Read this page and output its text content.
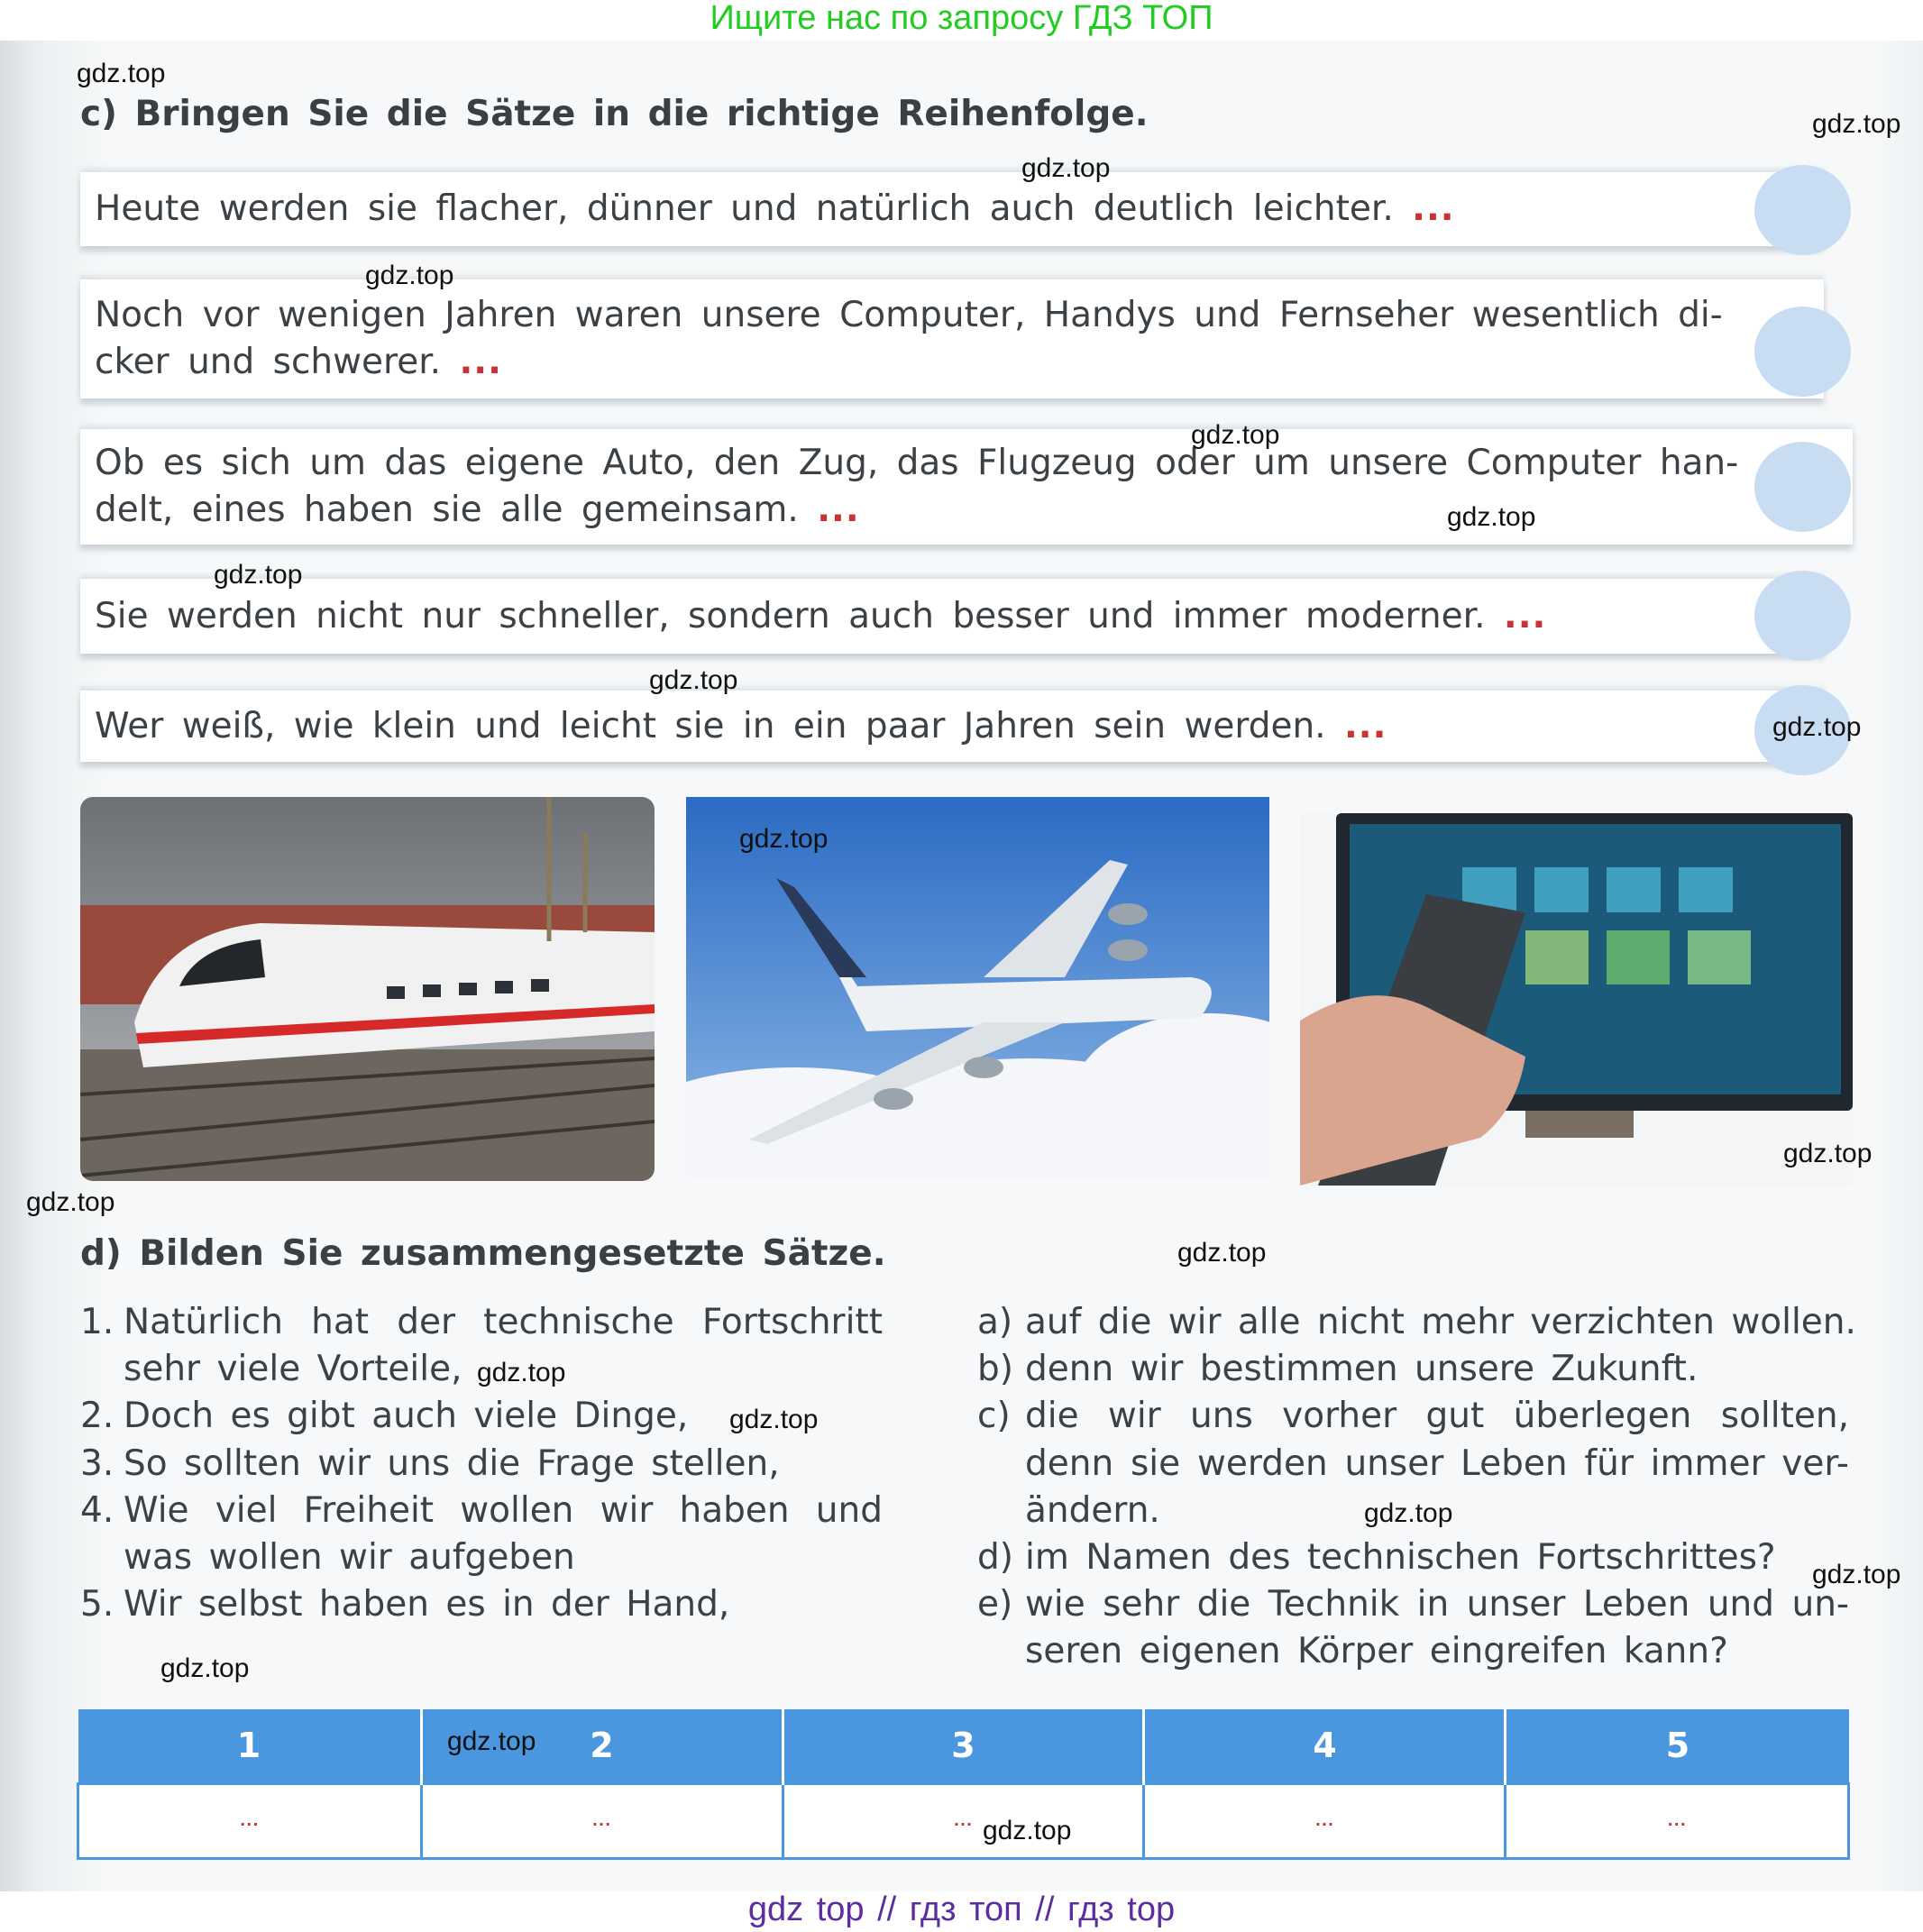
Ищите нас по запросу ГДЗ ТОП
c) Bringen Sie die Sätze in die richtige Reihenfolge.
Heute werden sie flacher, dünner und natürlich auch deutlich leichter. ...
Noch vor wenigen Jahren waren unsere Computer, Handys und Fernseher wesentlich di-
cker und schwerer. ...
Ob es sich um das eigene Auto, den Zug, das Flugzeug oder um unsere Computer han-
delt, eines haben sie alle gemeinsam. ...
Sie werden nicht nur schneller, sondern auch besser und immer moderner. ...
Wer weiß, wie klein und leicht sie in ein paar Jahren sein werden. ...
d) Bilden Sie zusammengesetzte Sätze.
1. Natürlich hat der technische Fortschritt
sehr viele Vorteile,
2. Doch es gibt auch viele Dinge,
3. So sollten wir uns die Frage stellen,
4. Wie viel Freiheit wollen wir haben und
was wollen wir aufgeben
5. Wir selbst haben es in der Hand,
a) auf die wir alle nicht mehr verzichten wollen.
b) denn wir bestimmen unsere Zukunft.
c) die wir uns vorher gut überlegen sollten,
denn sie werden unser Leben für immer ver-
ändern.
d) im Namen des technischen Fortschrittes?
e) wie sehr die Technik in unser Leben und un-
seren eigenen Körper eingreifen kann?
1	2	3	4	5
...	...	...	...	...
gdz top // гдз топ // гдз top
gdz.top
gdz.top
gdz.top
gdz.top
gdz.top
gdz.top
gdz.top
gdz.top
gdz.top
gdz.top
gdz.top
gdz.top
gdz.top
gdz.top
gdz.top
gdz.top
gdz.top
gdz.top
gdz.top
gdz.top
